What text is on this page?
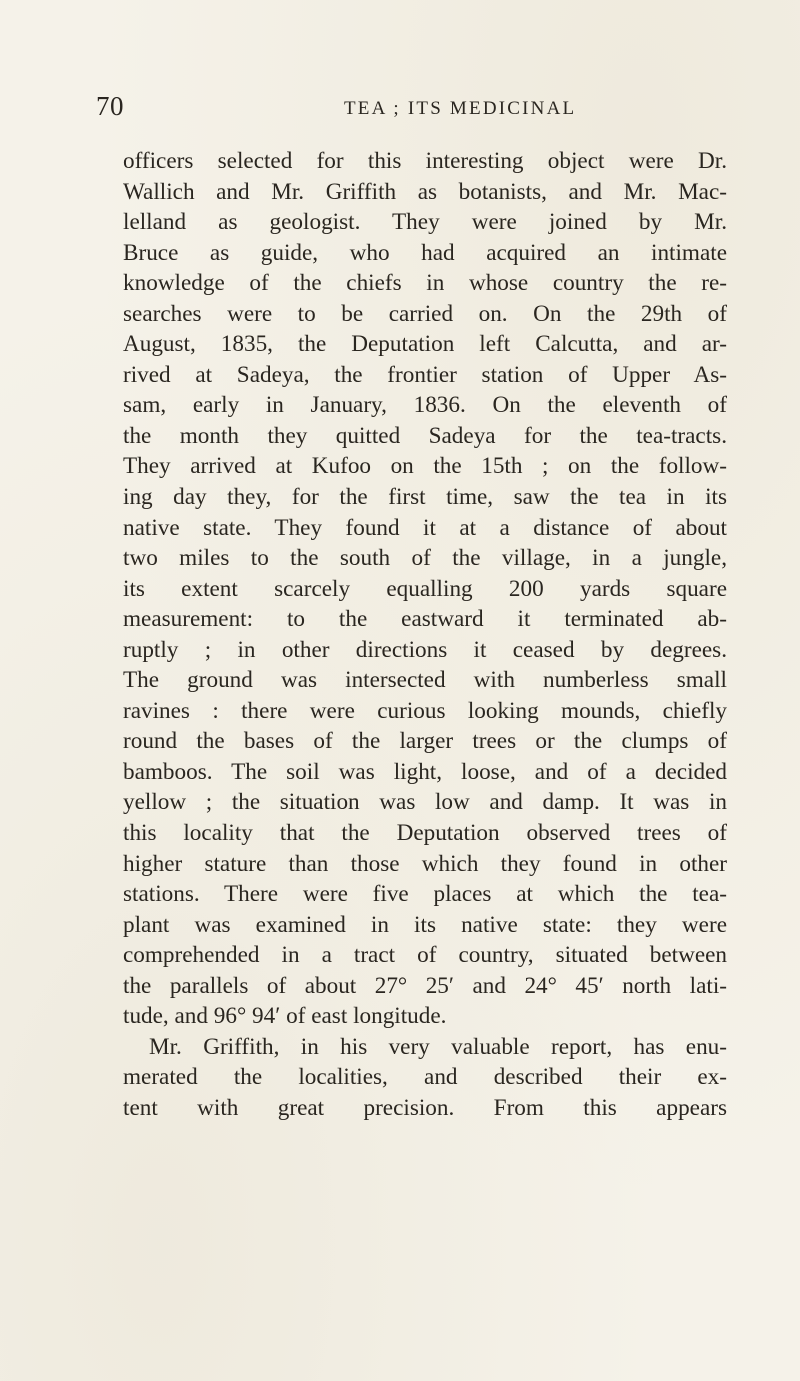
70	TEA ; ITS MEDICINAL

officers selected for this interesting object were Dr.
Wallich and Mr. Griffith as botanists, and Mr. Mac-
lelland as geologist. They were joined by Mr.
Bruce as guide, who had acquired an intimate
knowledge of the chiefs in whose country the re-
searches were to be carried on. On the 29th of
August, 1835, the Deputation left Calcutta, and ar-
rived at Sadeya, the frontier station of Upper As-
sam, early in January, 1836. On the eleventh of
the month they quitted Sadeya for the tea-tracts.
They arrived at Kufoo on the 15th ; on the follow-
ing day they, for the first time, saw the tea in its
native state. They found it at a distance of about
two miles to the south of the village, in a jungle,
its extent scarcely equalling 200 yards square
measurement: to the eastward it terminated ab-
ruptly ; in other directions it ceased by degrees.
The ground was intersected with numberless small
ravines : there were curious looking mounds, chiefly
round the bases of the larger trees or the clumps of
bamboos. The soil was light, loose, and of a decided
yellow ; the situation was low and damp. It was in
this locality that the Deputation observed trees of
higher stature than those which they found in other
stations. There were five places at which the tea-
plant was examined in its native state: they were
comprehended in a tract of country, situated between
the parallels of about 27° 25′ and 24° 45′ north lati-
tude, and 96° 94′ of east longitude.

Mr. Griffith, in his very valuable report, has enu-
merated the localities, and described their ex-
tent with great precision. From this appears
